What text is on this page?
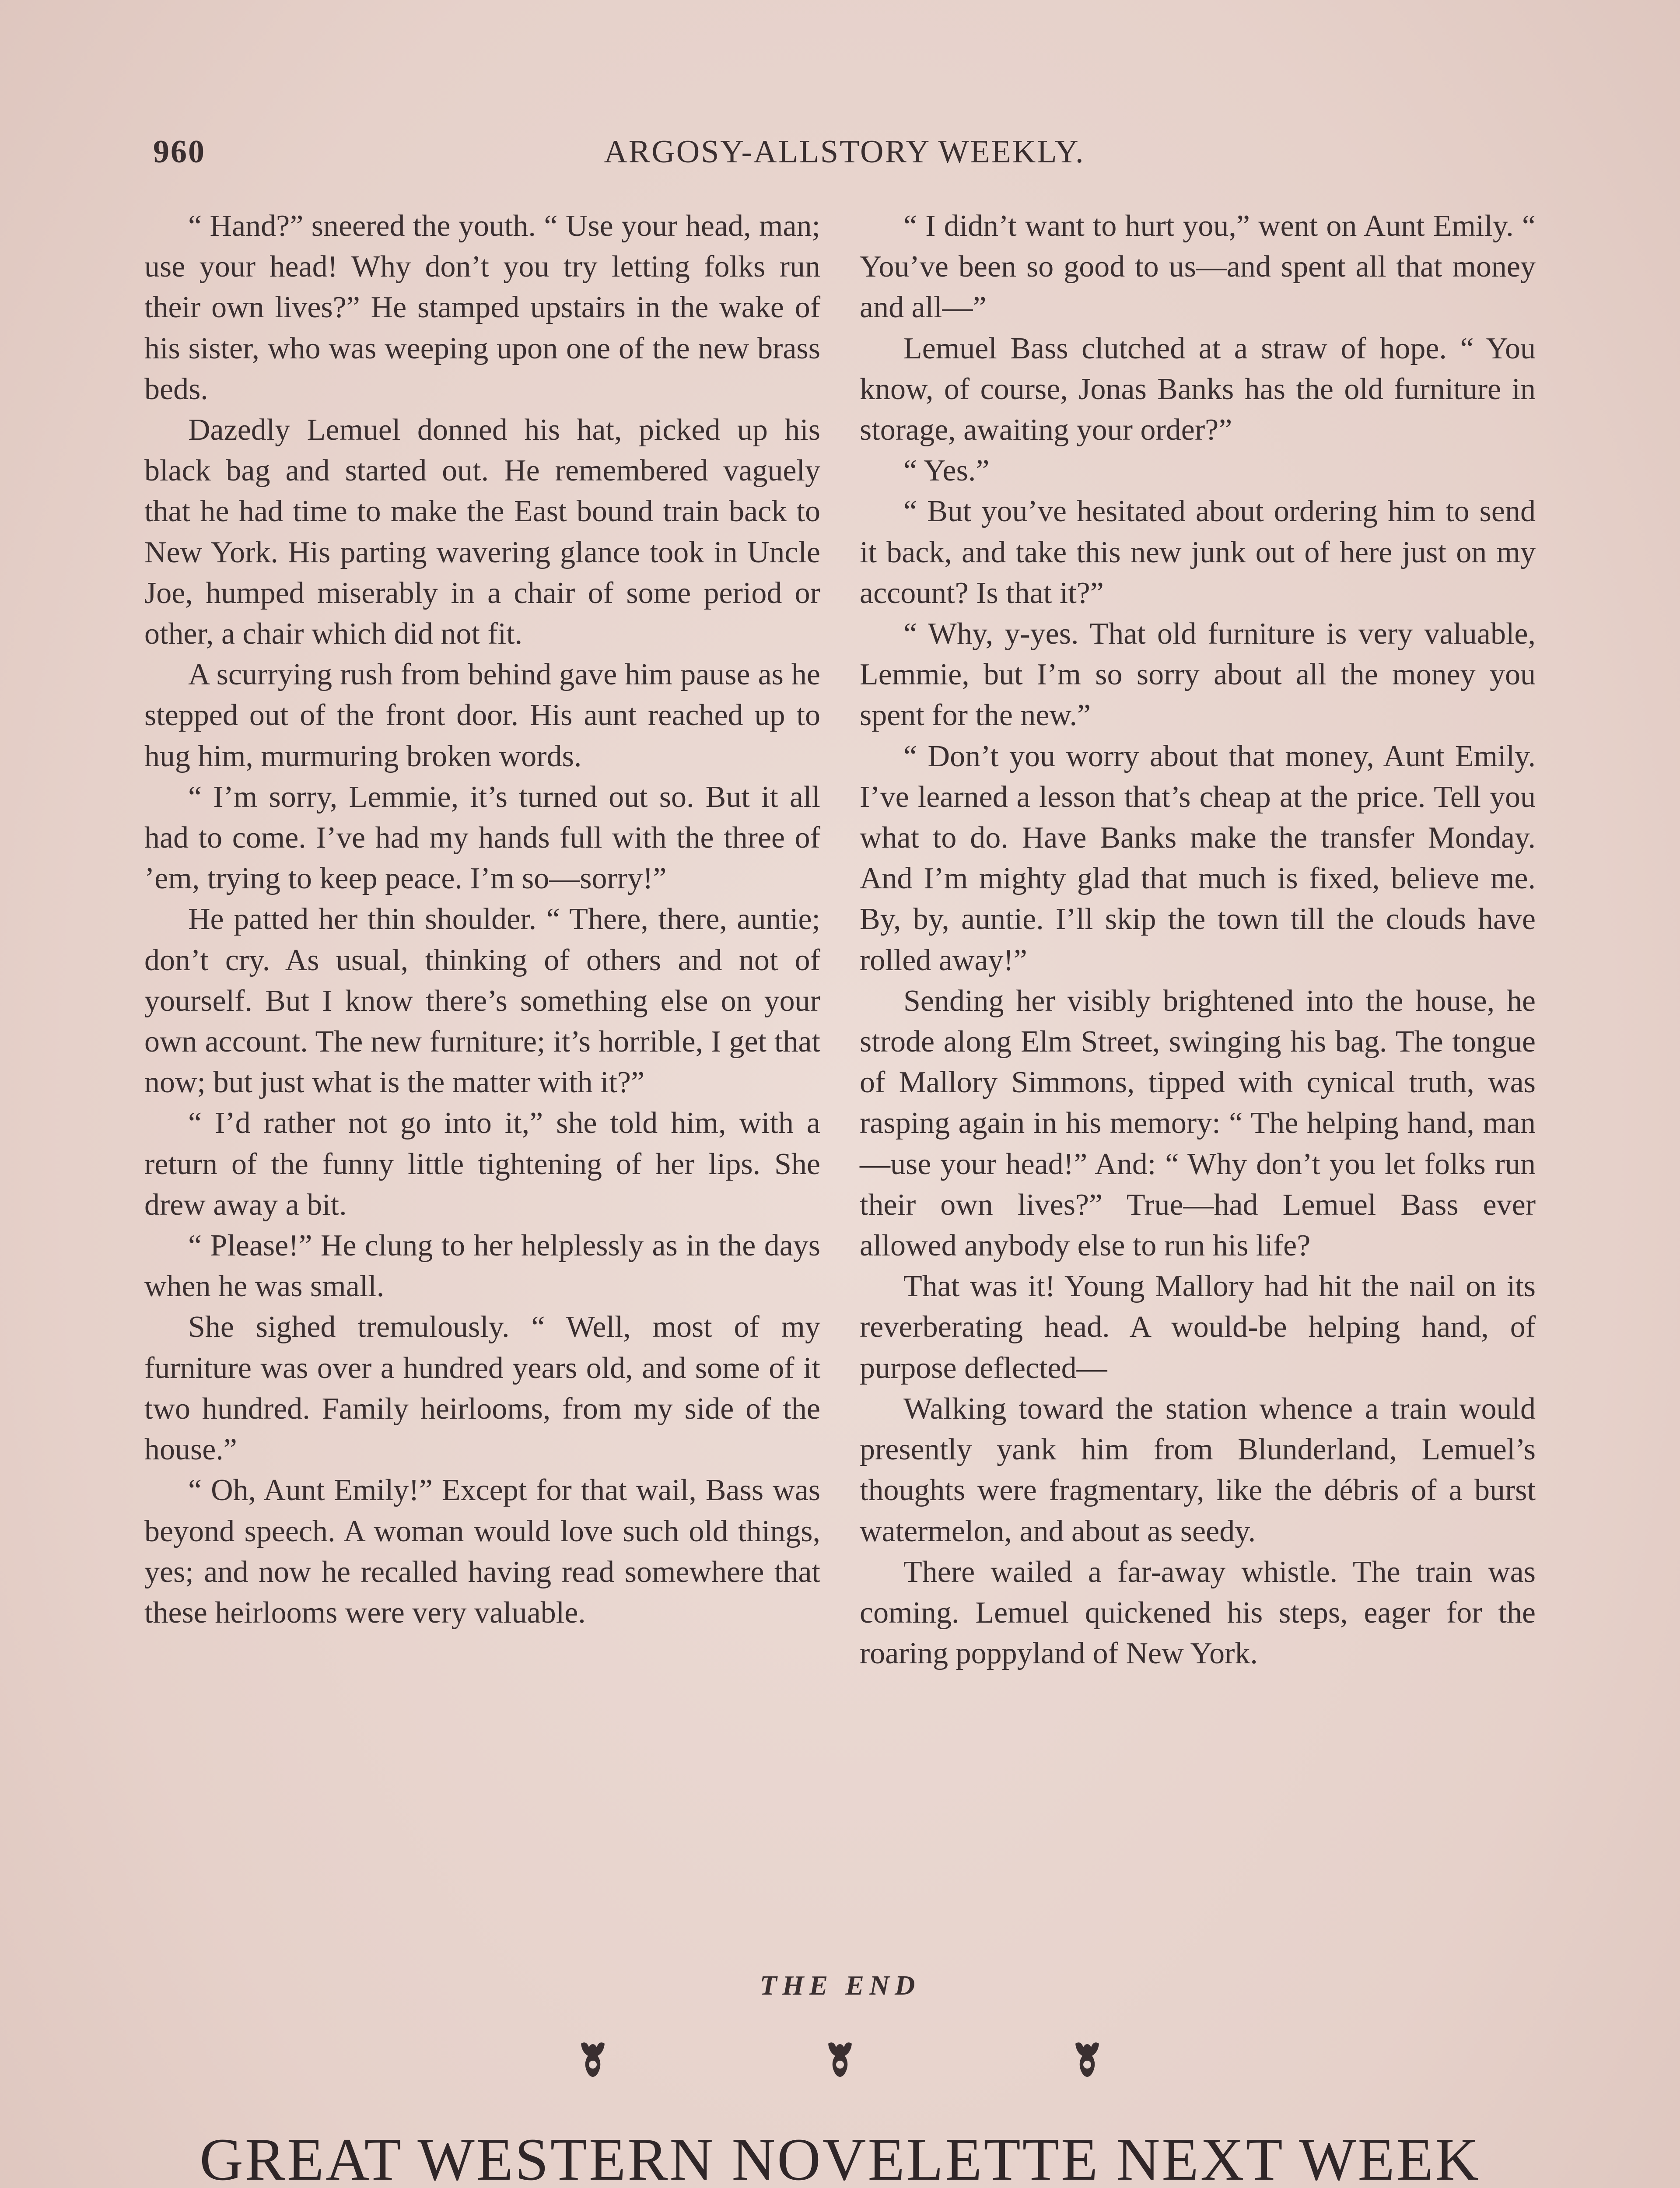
960	ARGOSY-ALLSTORY WEEKLY.

“ Hand?” sneered the youth. “ Use your head, man; use your head! Why don’t you try letting folks run their own lives?” He stamped upstairs in the wake of his sister, who was weeping upon one of the new brass beds.

Dazedly Lemuel donned his hat, picked up his black bag and started out. He remembered vaguely that he had time to make the East bound train back to New York. His parting wavering glance took in Uncle Joe, humped miserably in a chair of some period or other, a chair which did not fit.

A scurrying rush from behind gave him pause as he stepped out of the front door. His aunt reached up to hug him, murmuring broken words.

“ I’m sorry, Lemmie, it’s turned out so. But it all had to come. I’ve had my hands full with the three of ’em, trying to keep peace. I’m so—sorry!”

He patted her thin shoulder. “ There, there, auntie; don’t cry. As usual, thinking of others and not of yourself. But I know there’s something else on your own account. The new furniture; it’s horrible, I get that now; but just what is the matter with it?”

“ I’d rather not go into it,” she told him, with a return of the funny little tightening of her lips. She drew away a bit.

“ Please!” He clung to her helplessly as in the days when he was small.

She sighed tremulously. “ Well, most of my furniture was over a hundred years old, and some of it two hundred. Family heirlooms, from my side of the house.”

“ Oh, Aunt Emily!” Except for that wail, Bass was beyond speech. A woman would love such old things, yes; and now he recalled having read somewhere that these heirlooms were very valuable.

“ I didn’t want to hurt you,” went on Aunt Emily. “ You’ve been so good to us—and spent all that money and all—”

Lemuel Bass clutched at a straw of hope. “ You know, of course, Jonas Banks has the old furniture in storage, awaiting your order?”

“ Yes.”

“ But you’ve hesitated about ordering him to send it back, and take this new junk out of here just on my account? Is that it?”

“ Why, y-yes. That old furniture is very valuable, Lemmie, but I’m so sorry about all the money you spent for the new.”

“ Don’t you worry about that money, Aunt Emily. I’ve learned a lesson that’s cheap at the price. Tell you what to do. Have Banks make the transfer Monday. And I’m mighty glad that much is fixed, believe me. By, by, auntie. I’ll skip the town till the clouds have rolled away!”

Sending her visibly brightened into the house, he strode along Elm Street, swinging his bag. The tongue of Mallory Simmons, tipped with cynical truth, was rasping again in his memory: “ The helping hand, man —use your head!” And: “ Why don’t you let folks run their own lives?” True—had Lemuel Bass ever allowed anybody else to run his life?

That was it! Young Mallory had hit the nail on its reverberating head. A would-be helping hand, of purpose deflected—

Walking toward the station whence a train would presently yank him from Blunderland, Lemuel’s thoughts were fragmentary, like the débris of a burst watermelon, and about as seedy.

There wailed a far-away whistle. The train was coming. Lemuel quickened his steps, eager for the roaring poppyland of New York.

THE END
GREAT WESTERN NOVELETTE NEXT WEEK
